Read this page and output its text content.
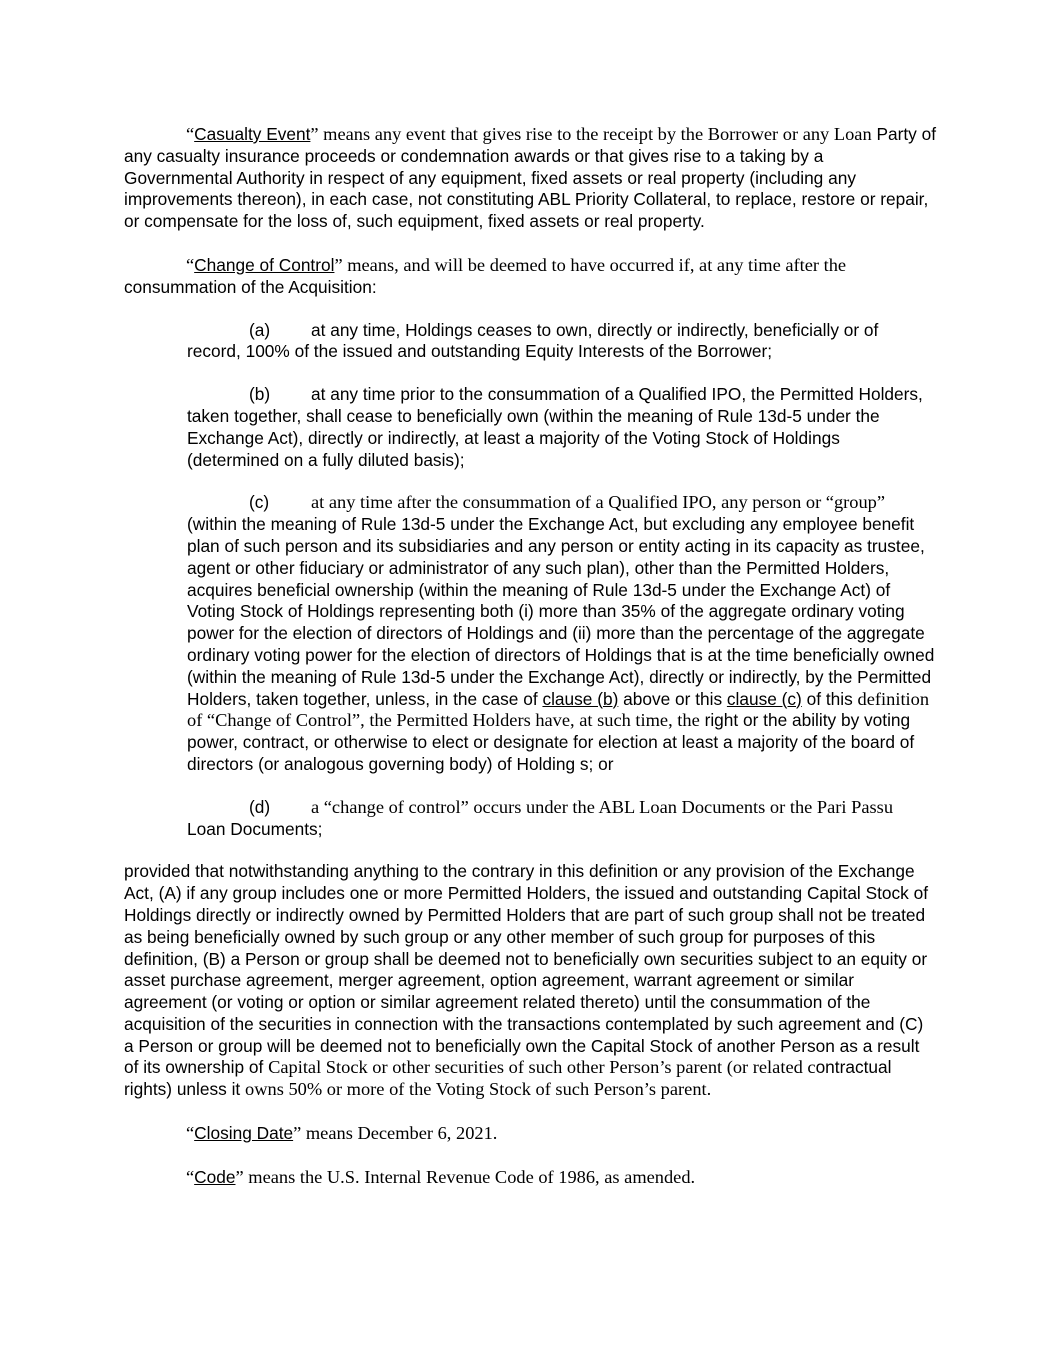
“Casualty Event” means any event that gives rise to the receipt by the Borrower or any Loan Party of any casualty insurance proceeds or condemnation awards or that gives rise to a taking by a Governmental Authority in respect of any equipment, fixed assets or real property (including any improvements thereon), in each case, not constituting ABL Priority Collateral, to replace, restore or repair, or compensate for the loss of, such equipment, fixed assets or real property.

“Change of Control” means, and will be deemed to have occurred if, at any time after the consummation of the Acquisition:

(a) at any time, Holdings ceases to own, directly or indirectly, beneficially or of record, 100% of the issued and outstanding Equity Interests of the Borrower;

(b) at any time prior to the consummation of a Qualified IPO, the Permitted Holders, taken together, shall cease to beneficially own (within the meaning of Rule 13d-5 under the Exchange Act), directly or indirectly, at least a majority of the Voting Stock of Holdings (determined on a fully diluted basis);

(c) at any time after the consummation of a Qualified IPO, any person or “group” (within the meaning of Rule 13d-5 under the Exchange Act, but excluding any employee benefit plan of such person and its subsidiaries and any person or entity acting in its capacity as trustee, agent or other fiduciary or administrator of any such plan), other than the Permitted Holders, acquires beneficial ownership (within the meaning of Rule 13d-5 under the Exchange Act) of Voting Stock of Holdings representing both (i) more than 35% of the aggregate ordinary voting power for the election of directors of Holdings and (ii) more than the percentage of the aggregate ordinary voting power for the election of directors of Holdings that is at the time beneficially owned (within the meaning of Rule 13d-5 under the Exchange Act), directly or indirectly, by the Permitted Holders, taken together, unless, in the case of clause (b) above or this clause (c) of this definition of “Change of Control”, the Permitted Holders have, at such time, the right or the ability by voting power, contract, or otherwise to elect or designate for election at least a majority of the board of directors (or analogous governing body) of Holding s; or

(d) a “change of control” occurs under the ABL Loan Documents or the Pari Passu Loan Documents;

provided that notwithstanding anything to the contrary in this definition or any provision of the Exchange Act, (A) if any group includes one or more Permitted Holders, the issued and outstanding Capital Stock of Holdings directly or indirectly owned by Permitted Holders that are part of such group shall not be treated as being beneficially owned by such group or any other member of such group for purposes of this definition, (B) a Person or group shall be deemed not to beneficially own securities subject to an equity or asset purchase agreement, merger agreement, option agreement, warrant agreement or similar agreement (or voting or option or similar agreement related thereto) until the consummation of the acquisition of the securities in connection with the transactions contemplated by such agreement and (C) a Person or group will be deemed not to beneficially own the Capital Stock of another Person as a result of its ownership of Capital Stock or other securities of such other Person’s parent (or related contractual rights) unless it owns 50% or more of the Voting Stock of such Person’s parent.

“Closing Date” means December 6, 2021.

“Code” means the U.S. Internal Revenue Code of 1986, as amended.
